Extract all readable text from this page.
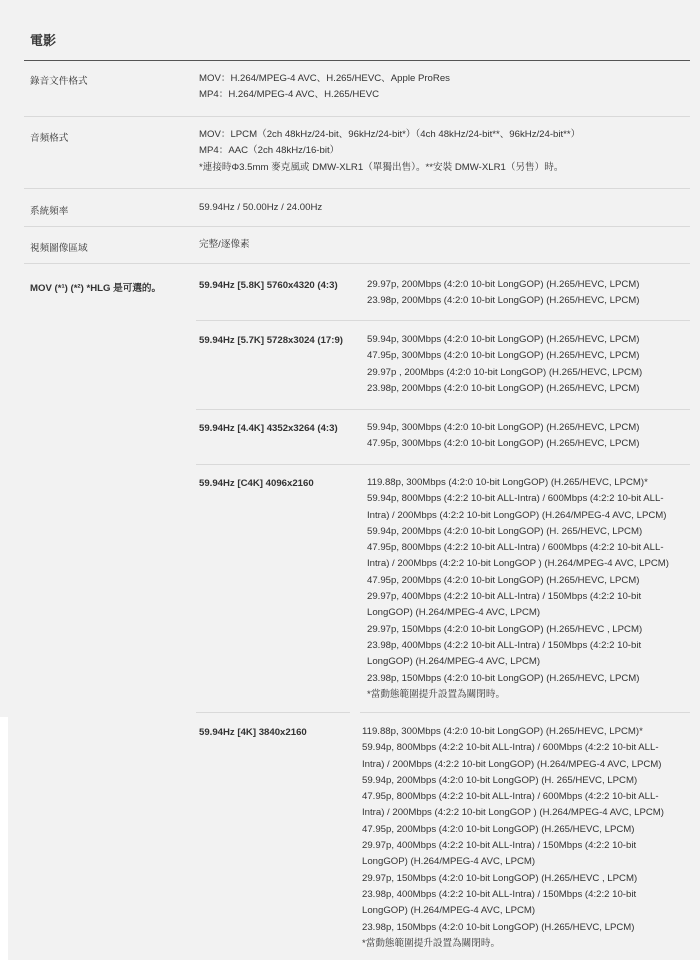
電影
錄音文件格式	MOV：H.264/MPEG-4 AVC、H.265/HEVC、Apple ProRes
MP4：H.264/MPEG-4 AVC、H.265/HEVC
音頻格式	MOV：LPCM（2ch 48kHz/24-bit、96kHz/24-bit*）（4ch 48kHz/24-bit**、96kHz/24-bit**）
MP4：AAC（2ch 48kHz/16-bit）
*連接時Φ3.5mm 麥克風或 DMW-XLR1（單獨出售）。**安裝 DMW-XLR1（另售）時。
系統頻率	59.94Hz / 50.00Hz / 24.00Hz
視頻圖像區域	完整/逐像素
MOV (*¹) (*²) *HLG 是可選的。	59.94Hz [5.8K] 5760x4320 (4:3)	29.97p, 200Mbps (4:2:0 10-bit LongGOP) (H.265/HEVC, LPCM)
23.98p, 200Mbps (4:2:0 10-bit LongGOP) (H.265/HEVC, LPCM)
59.94Hz [5.7K] 5728x3024 (17:9)	59.94p, 300Mbps (4:2:0 10-bit LongGOP) (H.265/HEVC, LPCM)
47.95p, 300Mbps (4:2:0 10-bit LongGOP) (H.265/HEVC, LPCM)
29.97p , 200Mbps (4:2:0 10-bit LongGOP) (H.265/HEVC, LPCM)
23.98p, 200Mbps (4:2:0 10-bit LongGOP) (H.265/HEVC, LPCM)
59.94Hz [4.4K] 4352x3264 (4:3)	59.94p, 300Mbps (4:2:0 10-bit LongGOP) (H.265/HEVC, LPCM)
47.95p, 300Mbps (4:2:0 10-bit LongGOP) (H.265/HEVC, LPCM)
59.94Hz [C4K] 4096x2160	119.88p, 300Mbps (4:2:0 10-bit LongGOP) (H.265/HEVC, LPCM)*
59.94p, 800Mbps (4:2:2 10-bit ALL-Intra) / 600Mbps (4:2:2 10-bit ALL-
Intra) / 200Mbps (4:2:2 10-bit LongGOP) (H.264/MPEG-4 AVC, LPCM)
59.94p, 200Mbps (4:2:0 10-bit LongGOP) (H. 265/HEVC, LPCM)
47.95p, 800Mbps (4:2:2 10-bit ALL-Intra) / 600Mbps (4:2:2 10-bit ALL-
Intra) / 200Mbps (4:2:2 10-bit LongGOP ) (H.264/MPEG-4 AVC, LPCM)
47.95p, 200Mbps (4:2:0 10-bit LongGOP) (H.265/HEVC, LPCM)
29.97p, 400Mbps (4:2:2 10-bit ALL-Intra) / 150Mbps (4:2:2 10-bit
LongGOP) (H.264/MPEG-4 AVC, LPCM)
29.97p, 150Mbps (4:2:0 10-bit LongGOP) (H.265/HEVC , LPCM)
23.98p, 400Mbps (4:2:2 10-bit ALL-Intra) / 150Mbps (4:2:2 10-bit
LongGOP) (H.264/MPEG-4 AVC, LPCM)
23.98p, 150Mbps (4:2:0 10-bit LongGOP) (H.265/HEVC, LPCM)
*當動態範圍提升設置為關閉時。
59.94Hz [4K] 3840x2160	119.88p, 300Mbps (4:2:0 10-bit LongGOP) (H.265/HEVC, LPCM)*
59.94p, 800Mbps (4:2:2 10-bit ALL-Intra) / 600Mbps (4:2:2 10-bit ALL-
Intra) / 200Mbps (4:2:2 10-bit LongGOP) (H.264/MPEG-4 AVC, LPCM)
59.94p, 200Mbps (4:2:0 10-bit LongGOP) (H. 265/HEVC, LPCM)
47.95p, 800Mbps (4:2:2 10-bit ALL-Intra) / 600Mbps (4:2:2 10-bit ALL-
Intra) / 200Mbps (4:2:2 10-bit LongGOP ) (H.264/MPEG-4 AVC, LPCM)
47.95p, 200Mbps (4:2:0 10-bit LongGOP) (H.265/HEVC, LPCM)
29.97p, 400Mbps (4:2:2 10-bit ALL-Intra) / 150Mbps (4:2:2 10-bit
LongGOP) (H.264/MPEG-4 AVC, LPCM)
29.97p, 150Mbps (4:2:0 10-bit LongGOP) (H.265/HEVC , LPCM)
23.98p, 400Mbps (4:2:2 10-bit ALL-Intra) / 150Mbps (4:2:2 10-bit
LongGOP) (H.264/MPEG-4 AVC, LPCM)
23.98p, 150Mbps (4:2:0 10-bit LongGOP) (H.265/HEVC, LPCM)
*當動態範圍提升設置為關閉時。
